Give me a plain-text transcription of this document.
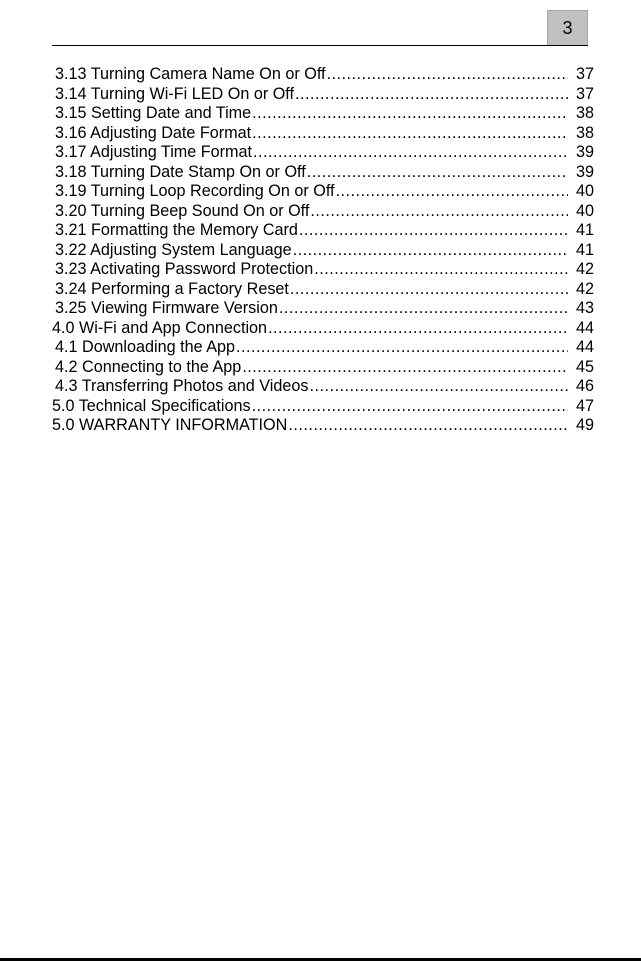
3
3.13 Turning Camera Name On or Off .....	37
3.14 Turning Wi-Fi LED On or Off .....	37
3.15 Setting Date and Time .....	38
3.16 Adjusting Date Format .....	38
3.17 Adjusting Time Format .....	39
3.18 Turning Date Stamp On or Off .....	39
3.19 Turning Loop Recording On or Off .....	40
3.20 Turning Beep Sound On or Off .....	40
3.21 Formatting the Memory Card .....	41
3.22 Adjusting System Language .....	41
3.23 Activating Password Protection .....	42
3.24 Performing a Factory Reset .....	42
3.25 Viewing Firmware Version .....	43
4.0 Wi-Fi and App Connection .....	44
4.1 Downloading the App .....	44
4.2 Connecting to the App .....	45
4.3 Transferring Photos and Videos .....	46
5.0 Technical Specifications .....	47
5.0 WARRANTY INFORMATION .....	49
